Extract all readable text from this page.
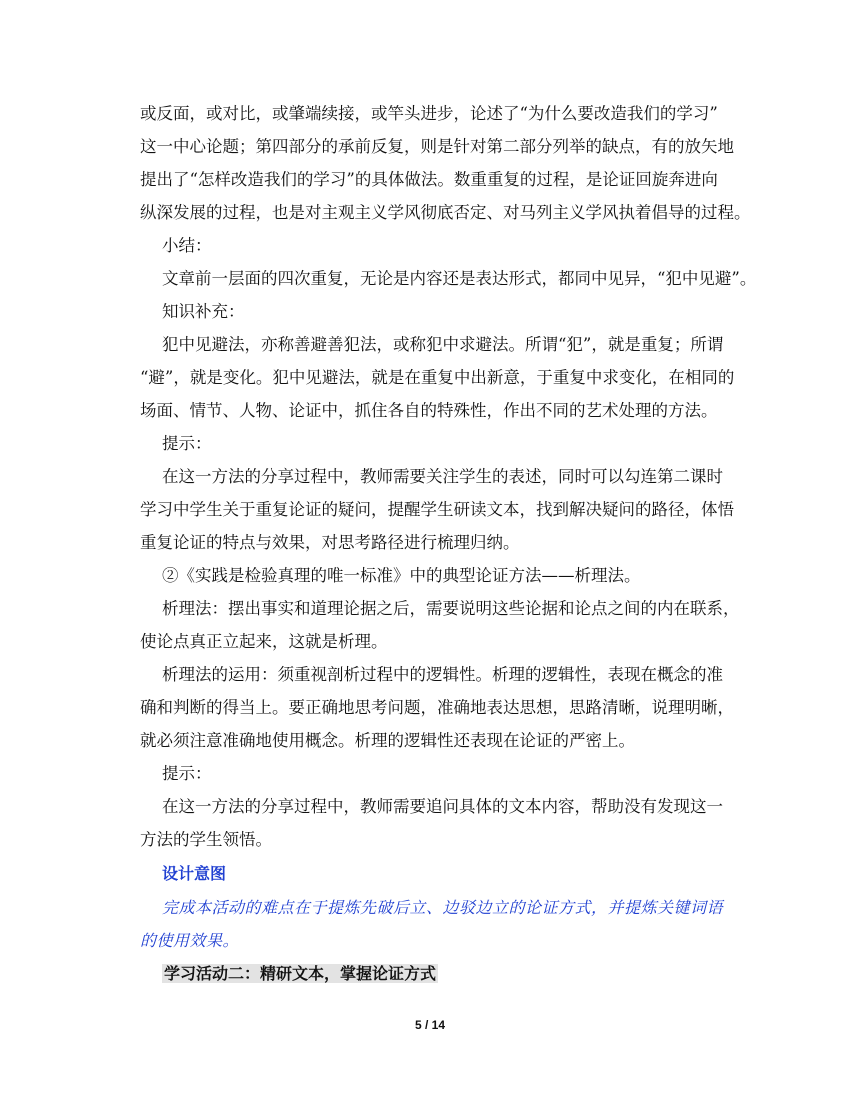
或反面，或对比，或肇端续接，或竿头进步，论述了“为什么要改造我们的学习”

这一中心论题；第四部分的承前反复，则是针对第二部分列举的缺点，有的放矢地

提出了“怎样改造我们的学习”的具体做法。数重重复的过程，是论证回旋奔进向

纵深发展的过程，也是对主观主义学风彻底否定、对马列主义学风执着倡导的过程。

小结：

文章前一层面的四次重复，无论是内容还是表达形式，都同中见异，“犯中见避”。

知识补充：

犯中见避法，亦称善避善犯法，或称犯中求避法。所谓“犯”，就是重复；所谓

“避”，就是变化。犯中见避法，就是在重复中出新意，于重复中求变化，在相同的

场面、情节、人物、论证中，抓住各自的特殊性，作出不同的艺术处理的方法。

提示：

在这一方法的分享过程中，教师需要关注学生的表述，同时可以勾连第二课时

学习中学生关于重复论证的疑问，提醒学生研读文本，找到解决疑问的路径，体悟

重复论证的特点与效果，对思考路径进行梳理归纳。

②《实践是检验真理的唯一标准》中的典型论证方法——析理法。

析理法：摆出事实和道理论据之后，需要说明这些论据和论点之间的内在联系，

使论点真正立起来，这就是析理。

析理法的运用：须重视剖析过程中的逻辑性。析理的逻辑性，表现在概念的准

确和判断的得当上。要正确地思考问题，准确地表达思想，思路清晰，说理明晰，

就必须注意准确地使用概念。析理的逻辑性还表现在论证的严密上。

提示：

在这一方法的分享过程中，教师需要追问具体的文本内容，帮助没有发现这一

方法的学生领悟。

设计意图

完成本活动的难点在于提炼先破后立、边驳边立的论证方式，并提炼关键词语

的使用效果。

学习活动二：精研文本，掌握论证方式

5 / 14
